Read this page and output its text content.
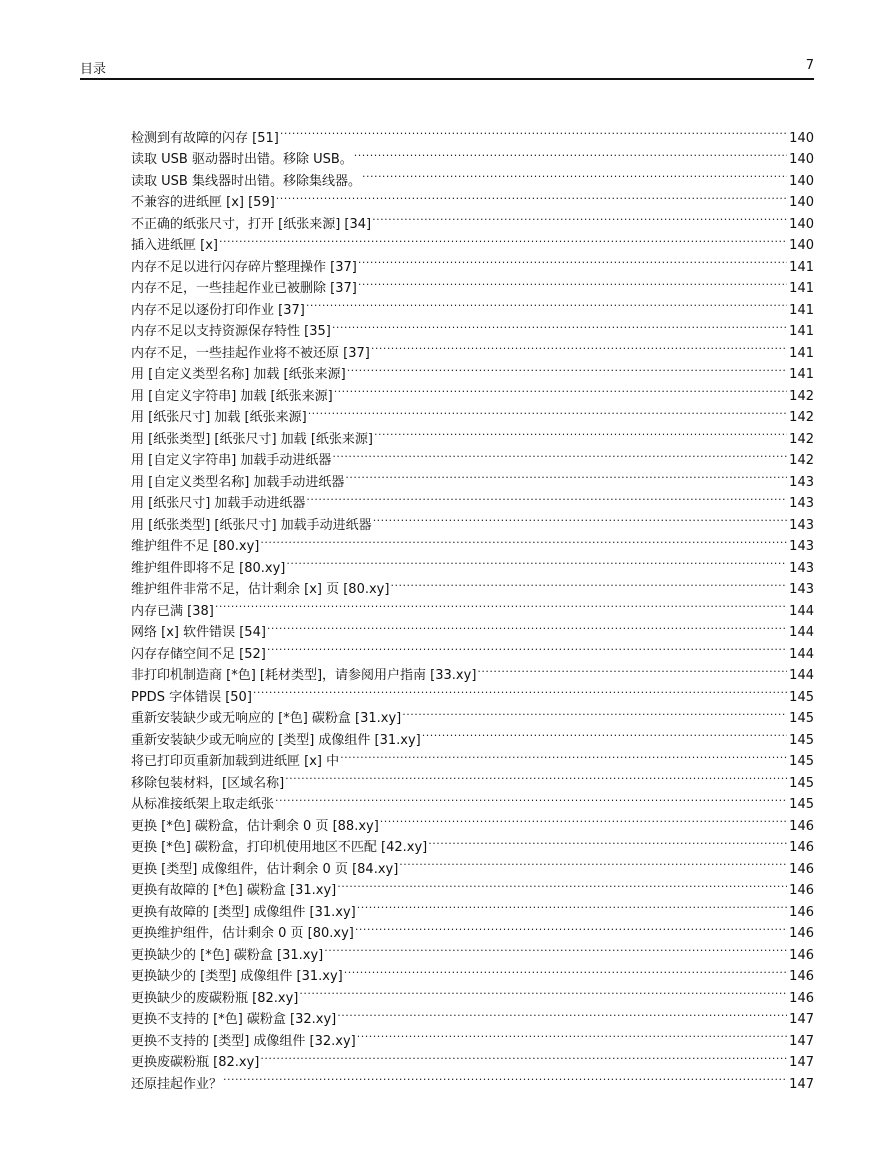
目录	7
检测到有故障的闪存 [51] .....	140
读取 USB 驱动器时出错。移除 USB。 .....	140
读取 USB 集线器时出错。移除集线器。 .....	140
不兼容的进纸匣 [x] [59] .....	140
不正确的纸张尺寸，打开 [纸张来源] [34] .....	140
插入进纸匣 [x] .....	140
内存不足以进行闪存碎片整理操作 [37] .....	141
内存不足，一些挂起作业已被删除 [37] .....	141
内存不足以逐份打印作业 [37] .....	141
内存不足以支持资源保存特性 [35] .....	141
内存不足，一些挂起作业将不被还原 [37] .....	141
用 [自定义类型名称] 加载 [纸张来源] .....	141
用 [自定义字符串] 加载 [纸张来源] .....	142
用 [纸张尺寸] 加载 [纸张来源] .....	142
用 [纸张类型] [纸张尺寸] 加载 [纸张来源] .....	142
用 [自定义字符串] 加载手动进纸器 .....	142
用 [自定义类型名称] 加载手动进纸器 .....	143
用 [纸张尺寸] 加载手动进纸器 .....	143
用 [纸张类型] [纸张尺寸] 加载手动进纸器 .....	143
维护组件不足 [80.xy] .....	143
维护组件即将不足 [80.xy] .....	143
维护组件非常不足，估计剩余 [x] 页 [80.xy] .....	143
内存已满 [38] .....	144
网络 [x] 软件错误 [54] .....	144
闪存存储空间不足 [52] .....	144
非打印机制造商 [*色] [耗材类型]，请参阅用户指南 [33.xy] .....	144
PPDS 字体错误 [50] .....	145
重新安装缺少或无响应的 [*色] 碳粉盒 [31.xy] .....	145
重新安装缺少或无响应的 [类型] 成像组件 [31.xy] .....	145
将已打印页重新加载到进纸匣 [x] 中 .....	145
移除包装材料，[区域名称] .....	145
从标准接纸架上取走纸张 .....	145
更换 [*色] 碳粉盒，估计剩余 0 页 [88.xy] .....	146
更换 [*色] 碳粉盒，打印机使用地区不匹配 [42.xy] .....	146
更换 [类型] 成像组件，估计剩余 0 页 [84.xy] .....	146
更换有故障的 [*色] 碳粉盒 [31.xy] .....	146
更换有故障的 [类型] 成像组件 [31.xy] .....	146
更换维护组件，估计剩余 0 页 [80.xy] .....	146
更换缺少的 [*色] 碳粉盒 [31.xy] .....	146
更换缺少的 [类型] 成像组件 [31.xy] .....	146
更换缺少的废碳粉瓶 [82.xy] .....	146
更换不支持的 [*色] 碳粉盒 [32.xy] .....	147
更换不支持的 [类型] 成像组件 [32.xy] .....	147
更换废碳粉瓶 [82.xy] .....	147
还原挂起作业？ .....	147
